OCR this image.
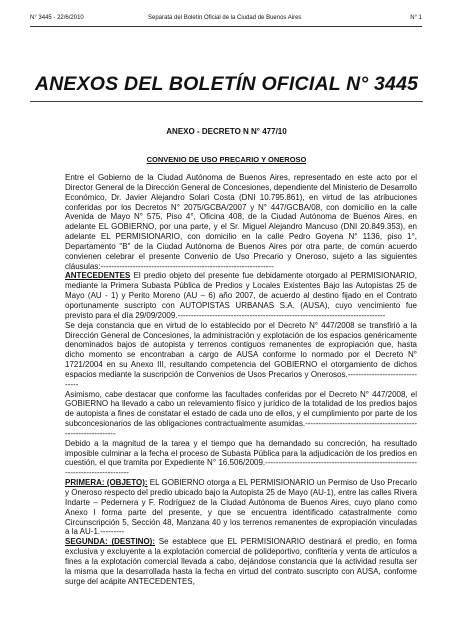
N° 3445 - 22/6/2010	Separata del Boletín Oficial de la Ciudad de Buenos Aires	N° 1
ANEXOS DEL BOLETÍN OFICIAL N° 3445
ANEXO - DECRETO N N° 477/10
CONVENIO DE USO PRECARIO Y ONEROSO

Entre el Gobierno de la Ciudad Autónoma de Buenos Aires, representado en este acto por el Director General de la Dirección General de Concesiones, dependiente del Ministerio de Desarrollo Económico, Dr. Javier Alejandro Solari Costa (DNI 10.795.861), en virtud de las atribuciones conferidas por los Decretos N° 2075/GCBA/2007 y N° 447/GCBA/08, con domicilio en la calle Avenida de Mayo N° 575, Piso 4°, Oficina 408, de la Ciudad Autónoma de Buenos Aires, en adelante EL GOBIERNO, por una parte, y el Sr. Miguel Alejandro Mancuso (DNI 20.849.353), en adelante EL PERMISIONARIO, con domicilio en la calle Pedro Goyena N° 1136, piso 1°, Departamento "B" de la Ciudad Autónoma de Buenos Aires por otra parte, de común acuerdo convienen celebrar el presente Convenio de Uso Precario y Oneroso, sujeto a las siguientes cláusulas:-----------------------------------------------------------------

ANTECEDENTES El predio objeto del presente fue debidamente otorgado al PERMISIONARIO, mediante la Primera Subasta Pública de Predios y Locales Existentes Bajo las Autopistas 25 de Mayo (AU - 1) y Perito Moreno (AU – 6) año 2007, de acuerdo al destino fijado en el Contrato oportunamente suscripto con AUTOPISTAS URBANAS S.A. (AUSA), cuyo vencimiento fue previsto para el día 29/09/2009.------------------------------------------------------------------------------

Se deja constancia que en virtud de lo establecido por el Decreto N° 447/2008 se transfirió a la Dirección General de Concesiones, la administración y explotación de los espacios genéricamente denominados bajos de autopista y terrenos contiguos remanentes de expropiación que, hasta dicho momento se encontraban a cargo de AUSA conforme lo normado por el Decreto N° 1721/2004 en su Anexo III, resultando competencia del GOBIERNO el otorgamiento de dichos espacios mediante la suscripción de Convenios de Usos Precarios y Onerosos.-------------------------------

Asimismo, cabe destacar que conforme las facultades conferidas por el Decreto N° 447/2008, el GOBIERNO ha llevado a cabo un relevamiento físico y jurídico de la totalidad de los predios bajos de autopista a fines de constatar el estado de cada uno de ellos, y el cumplimiento por parte de los subconcesionarios de las obligaciones contractualmente asumidas.-------------------------------------------------------------

Debido a la magnitud de la tarea y el tiempo que ha demandado su concreción, ha resultado imposible culminar a la fecha el proceso de Subasta Pública para la adjudicación de los predios en cuestión, el que tramita por Expediente N° 16.506/2009.---------------------------------------------------------------------------------

PRIMERA: (OBJETO): EL GOBIERNO otorga a EL PERMISIONARIO un Permiso de Uso Precario y Oneroso respecto del predio ubicado bajo la Autopista 25 de Mayo (AU-1), entre las calles Rivera Indarte – Pedernera y F. Rodríguez de la Ciudad Autónoma de Buenos Aires, cuyo plano como Anexo I forma parte del presente, y que se encuentra identificado catastralmente como Circunscripción 5, Sección 48, Manzana 40 y los terrenos remanentes de expropiación vinculadas a la AU-1.---------

SEGUNDA: (DESTINO): Se establece que EL PERMISIONARIO destinará el predio, en forma exclusiva y excluyente a la explotación comercial de polideportivo, confitería y venta de artículos a fines a la explotación comercial llevada a cabo, dejándose constancia que la actividad resulta ser la misma que la desarrollada hasta la fecha en virtud del contrato suscripto con AUSA, conforme surge del acápite ANTECEDENTES,
